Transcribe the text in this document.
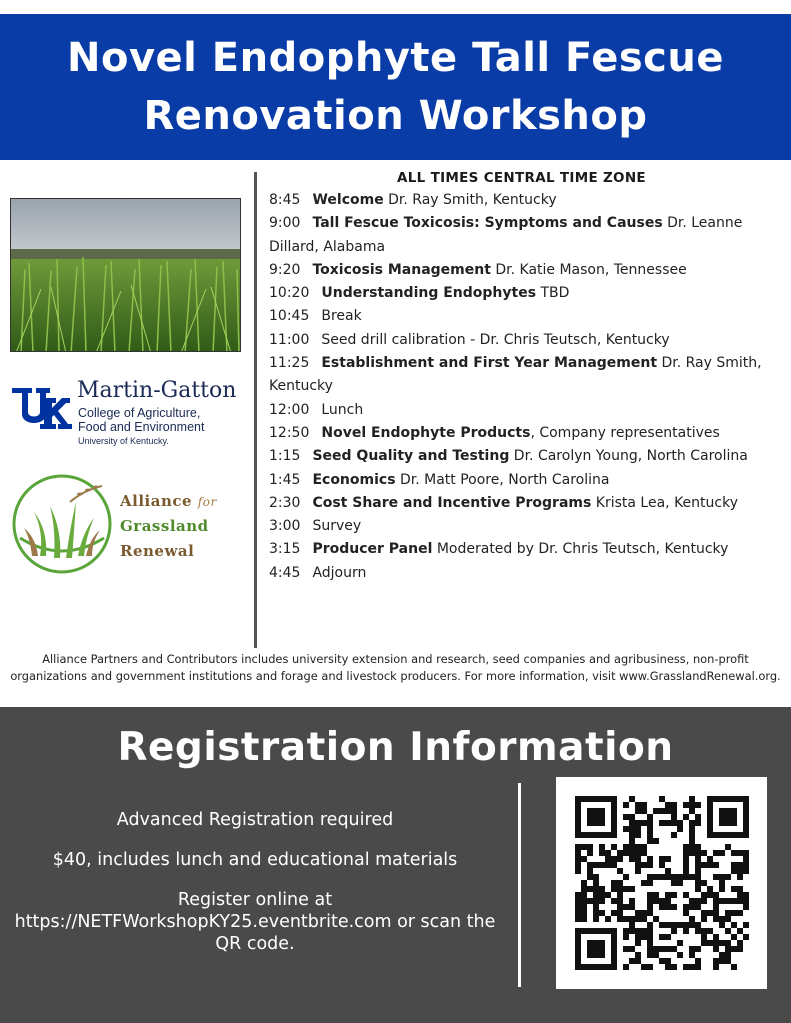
Novel Endophyte Tall Fescue
Renovation Workshop
Martin-Gatton
College of Agriculture,
Food and Environment
University of Kentucky.
Alliance for
Grassland
Renewal
ALL TIMES CENTRAL TIME ZONE
8:45 Welcome Dr. Ray Smith, Kentucky
9:00 Tall Fescue Toxicosis: Symptoms and Causes Dr. Leanne Dillard, Alabama
9:20 Toxicosis Management Dr. Katie Mason, Tennessee
10:20 Understanding Endophytes TBD
10:45 Break
11:00 Seed drill calibration - Dr. Chris Teutsch, Kentucky
11:25 Establishment and First Year Management Dr. Ray Smith, Kentucky
12:00 Lunch
12:50 Novel Endophyte Products, Company representatives
1:15 Seed Quality and Testing Dr. Carolyn Young, North Carolina
1:45 Economics Dr. Matt Poore, North Carolina
2:30 Cost Share and Incentive Programs Krista Lea, Kentucky
3:00 Survey
3:15 Producer Panel Moderated by Dr. Chris Teutsch, Kentucky
4:45 Adjourn
Alliance Partners and Contributors includes university extension and research, seed companies and agribusiness, non-profit organizations and government institutions and forage and livestock producers. For more information, visit www.GrasslandRenewal.org.
Registration Information

Advanced Registration required

$40, includes lunch and educational materials

Register online at https://NETFWorkshopKY25.eventbrite.com or scan the QR code.
